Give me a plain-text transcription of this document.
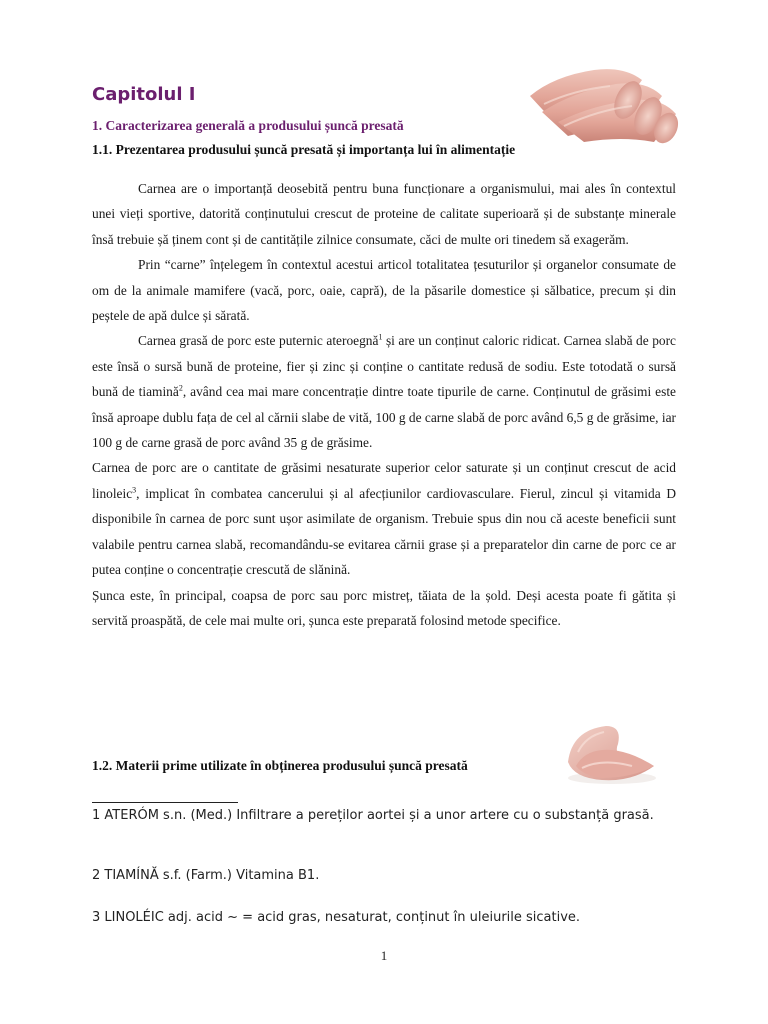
Capitolul I
1. Caracterizarea generală a produsului șuncă presată
1.1. Prezentarea produsului șuncă presată și importanța lui în alimentație

Carnea are o importanță deosebită pentru buna funcționare a organismului, mai ales în contextul unei vieți sportive, datorită conținutului crescut de proteine de calitate superioară și de substanțe minerale însă trebuie șă ținem cont și de cantitățile zilnice consumate, căci de multe ori tinedem să exagerăm.

Prin “carne” înțelegem în contextul acestui articol totalitatea țesuturilor și organelor consumate de om de la animale mamifere (vacă, porc, oaie, capră), de la păsarile domestice și sălbatice, precum și din peștele de apă dulce și sărată.

Carnea grasă de porc este puternic ateroegnă$^1$ și are un conținut caloric ridicat. Carnea slabă de porc este însă o sursă bună de proteine, fier și zinc și conține o cantitate redusă de sodiu. Este totodată o sursă bună de tiamină$^2$, având cea mai mare concentrație dintre toate tipurile de carne. Conținutul de grăsimi este însă aproape dublu fața de cel al cărnii slabe de vită, 100 g de carne slabă de porc având 6,5 g de grăsime, iar 100 g de carne grasă de porc având 35 g de grăsime.

Carnea de porc are o cantitate de grăsimi nesaturate superior celor saturate și un conținut crescut de acid linoleic$^3$, implicat în combatea cancerului și al afecțiunilor cardiovasculare. Fierul, zincul și vitamida D disponibile în carnea de porc sunt ușor asimilate de organism. Trebuie spus din nou că aceste beneficii sunt valabile pentru carnea slabă, recomandându-se evitarea cărnii grase și a preparatelor din carne de porc ce ar putea conține o concentrație crescută de slănină.

Șunca este, în principal, coapsa de porc sau porc mistreț, tăiata de la șold. Deși acesta poate fi gătita și servită proaspătă, de cele mai multe ori, șunca este preparată folosind metode specifice.

1.2. Materii prime utilizate în obținerea produsului șuncă presată

1 ATERÓM s.n. (Med.) Infiltrare a pereților aortei și a unor artere cu o substanță grasă.

2 TIAMÍNĂ s.f. (Farm.) Vitamina B1.

3 LINOLÉIC adj. acid ~ = acid gras, nesaturat, conținut în uleiurile sicative.

1
